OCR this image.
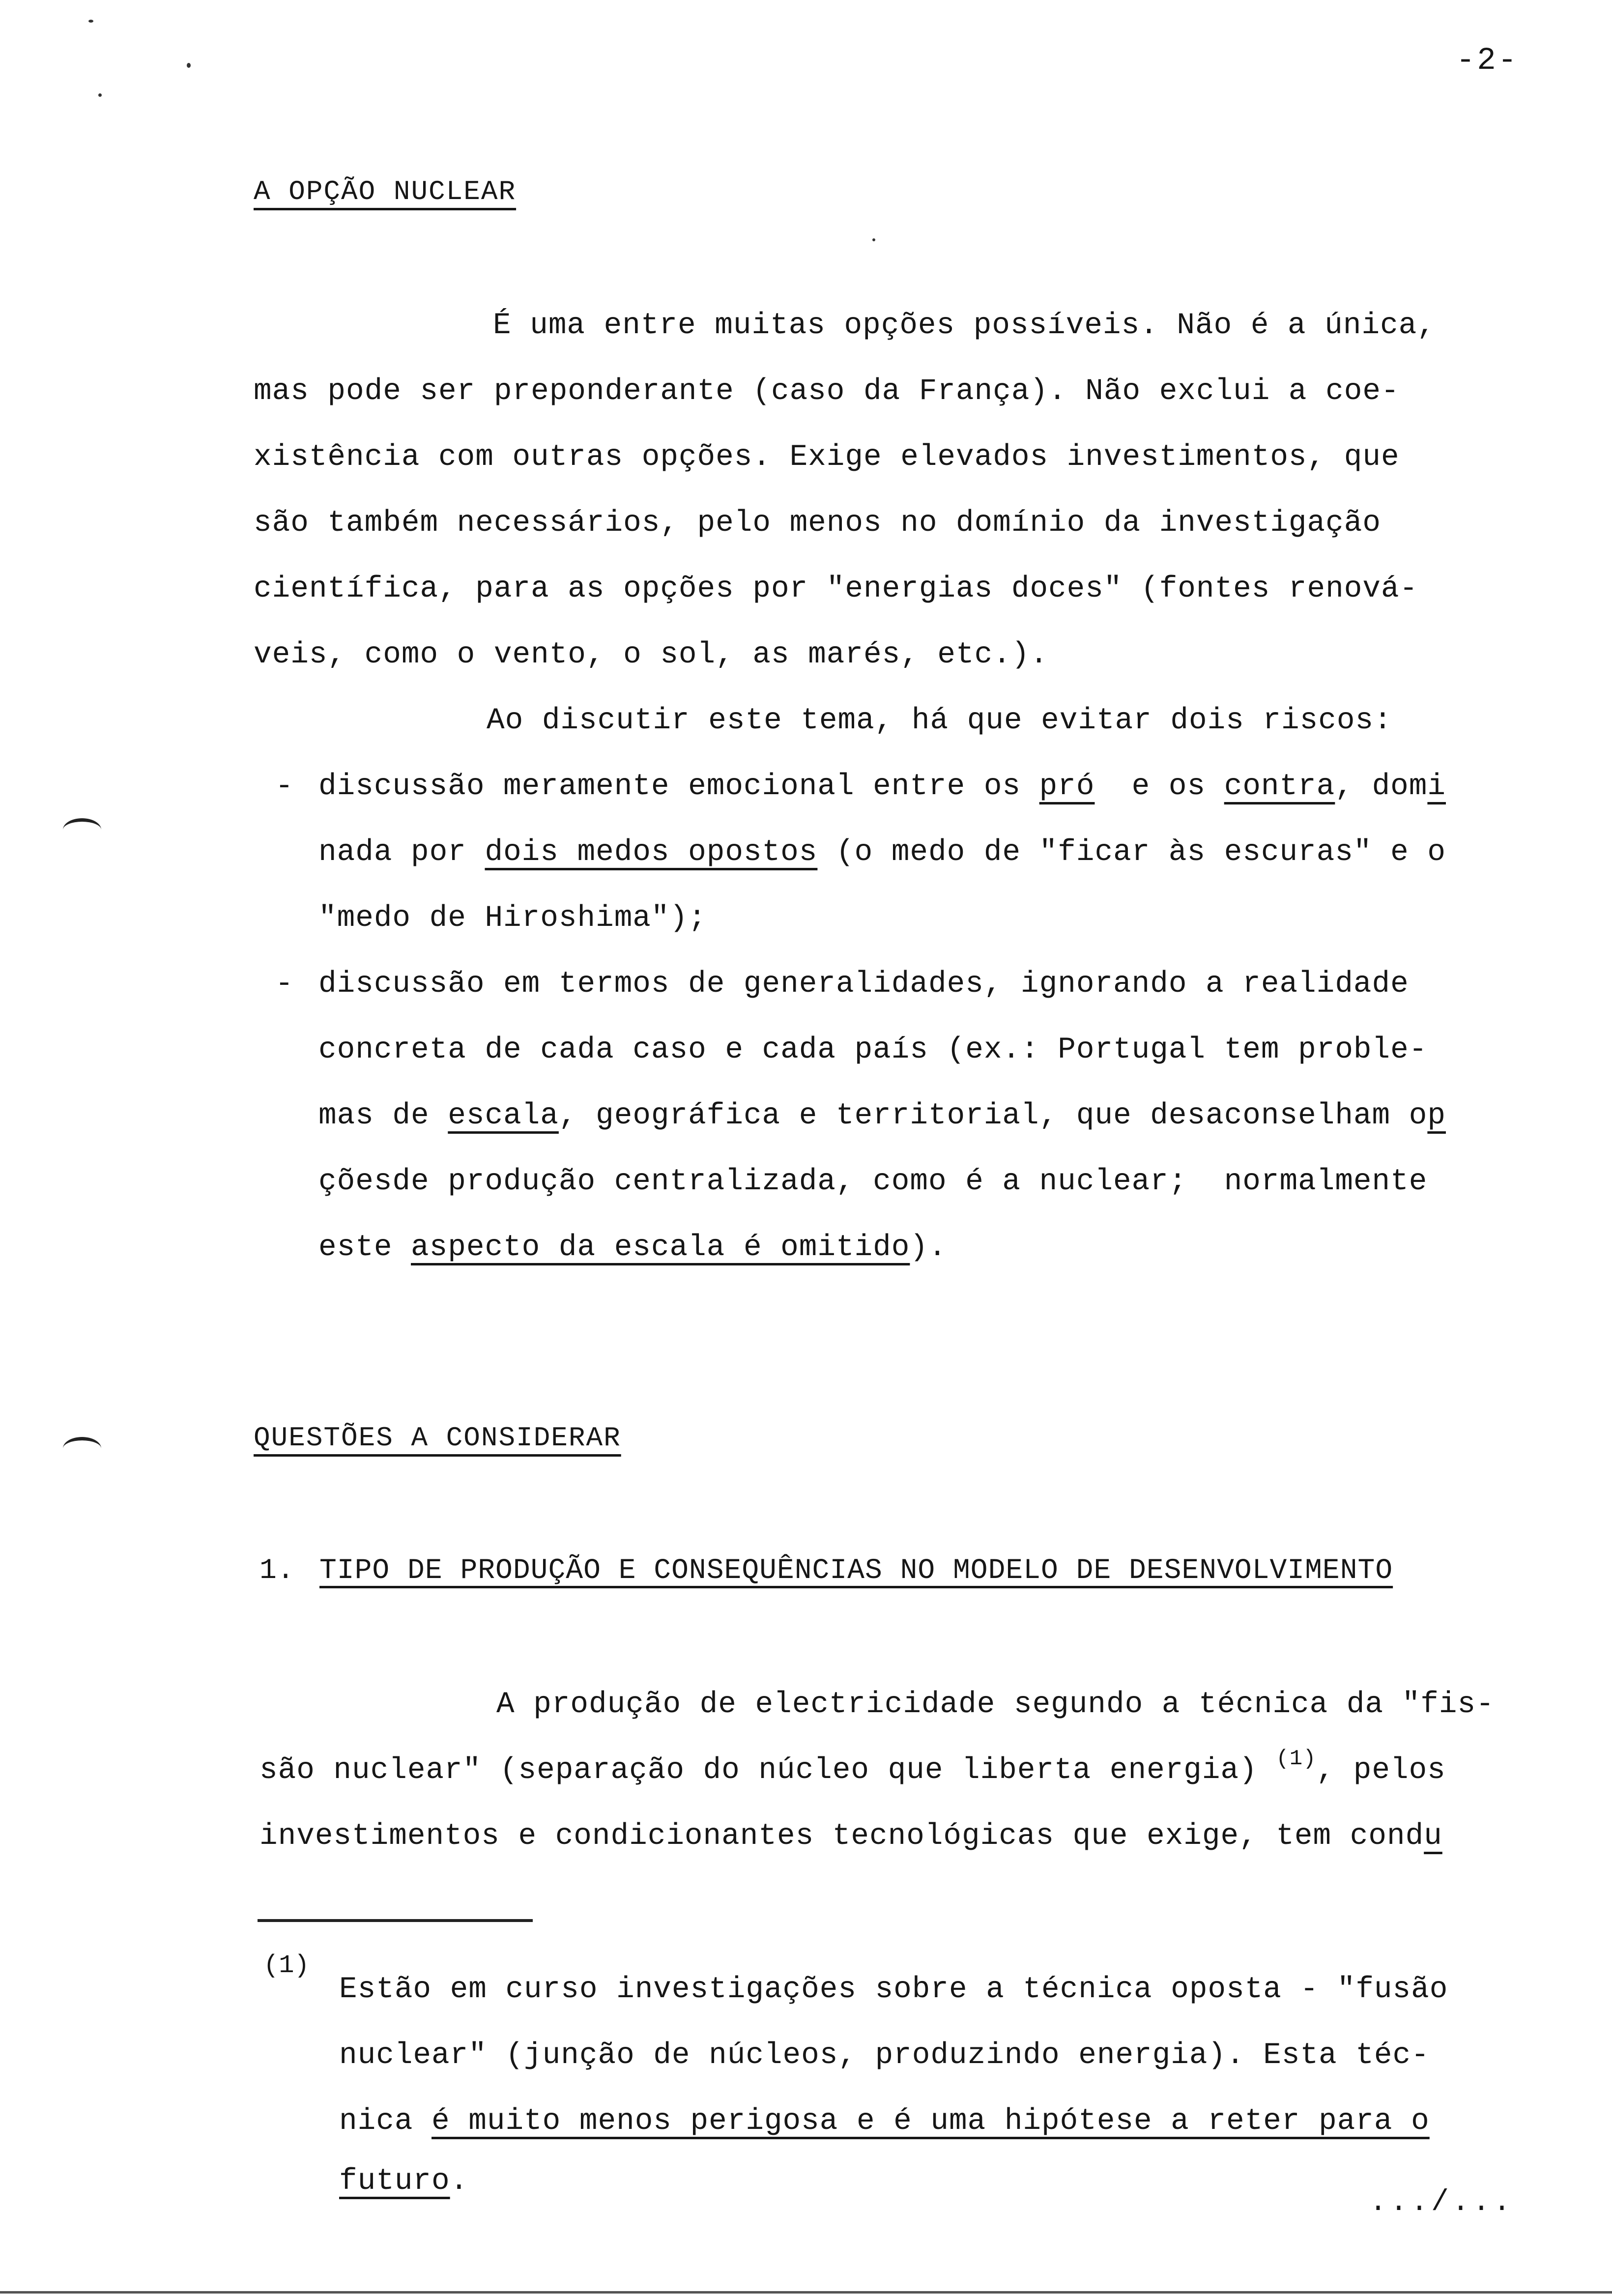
-2-
A OPÇÃO NUCLEAR
É uma entre muitas opções possíveis. Não é a única,
mas pode ser preponderante (caso da França). Não exclui a coe-
xistência com outras opções. Exige elevados investimentos, que
são também necessários, pelo menos no domínio da investigação
científica, para as opções por "energias doces" (fontes renová-
veis, como o vento, o sol, as marés, etc.).
Ao discutir este tema, há que evitar dois riscos:
- discussão meramente emocional entre os pró  e os contra, domi
nada por dois medos opostos (o medo de "ficar às escuras" e o
"medo de Hiroshima");
- discussão em termos de generalidades, ignorando a realidade
concreta de cada caso e cada país (ex.: Portugal tem proble-
mas de escala, geográfica e territorial, que desaconselham op
çõesde produção centralizada, como é a nuclear;  normalmente
este aspecto da escala é omitido).
QUESTÕES A CONSIDERAR
1. TIPO DE PRODUÇÃO E CONSEQUÊNCIAS NO MODELO DE DESENVOLVIMENTO
A produção de electricidade segundo a técnica da "fis-
são nuclear" (separação do núcleo que liberta energia) $^{(1)}$, pelos
investimentos e condicionantes tecnológicas que exige, tem condu
(1)
Estão em curso investigações sobre a técnica oposta - "fusão
nuclear" (junção de núcleos, produzindo energia). Esta téc-
nica é muito menos perigosa e é uma hipótese a reter para o
futuro.
.../...
